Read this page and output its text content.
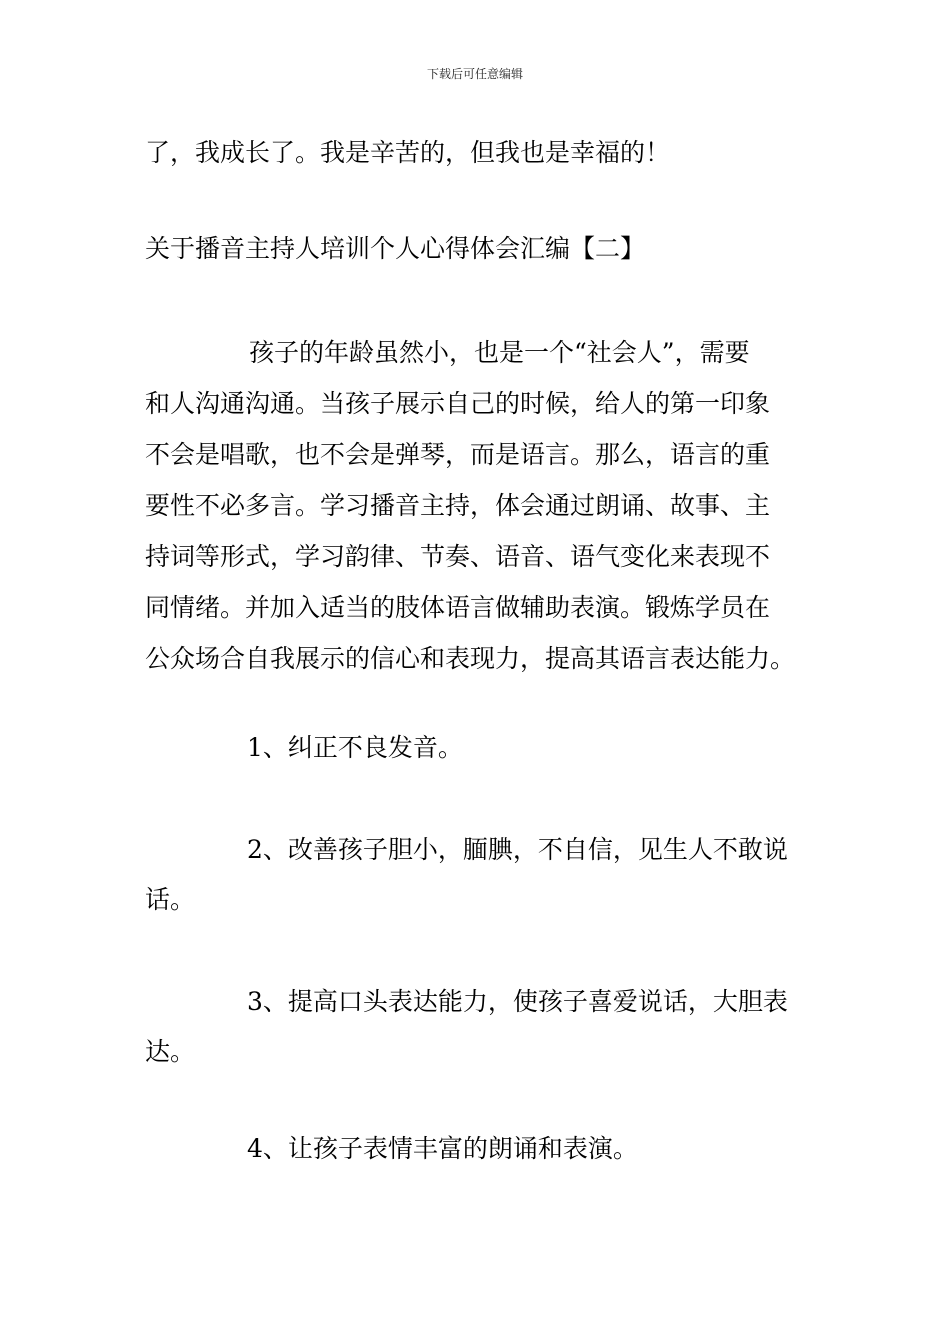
下载后可任意编辑
了，我成长了。我是辛苦的，但我也是幸福的！
关于播音主持人培训个人心得体会汇编【二】
孩子的年龄虽然小，也是一个“社会人”，需要
和人沟通沟通。当孩子展示自己的时候，给人的第一印象
不会是唱歌，也不会是弹琴，而是语言。那么，语言的重
要性不必多言。学习播音主持，体会通过朗诵、故事、主
持词等形式，学习韵律、节奏、语音、语气变化来表现不
同情绪。并加入适当的肢体语言做辅助表演。锻炼学员在
公众场合自我展示的信心和表现力，提高其语言表达能力。
1、纠正不良发音。
2、改善孩子胆小，腼腆，不自信，见生人不敢说
话。
3、提高口头表达能力，使孩子喜爱说话，大胆表
达。
4、让孩子表情丰富的朗诵和表演。
